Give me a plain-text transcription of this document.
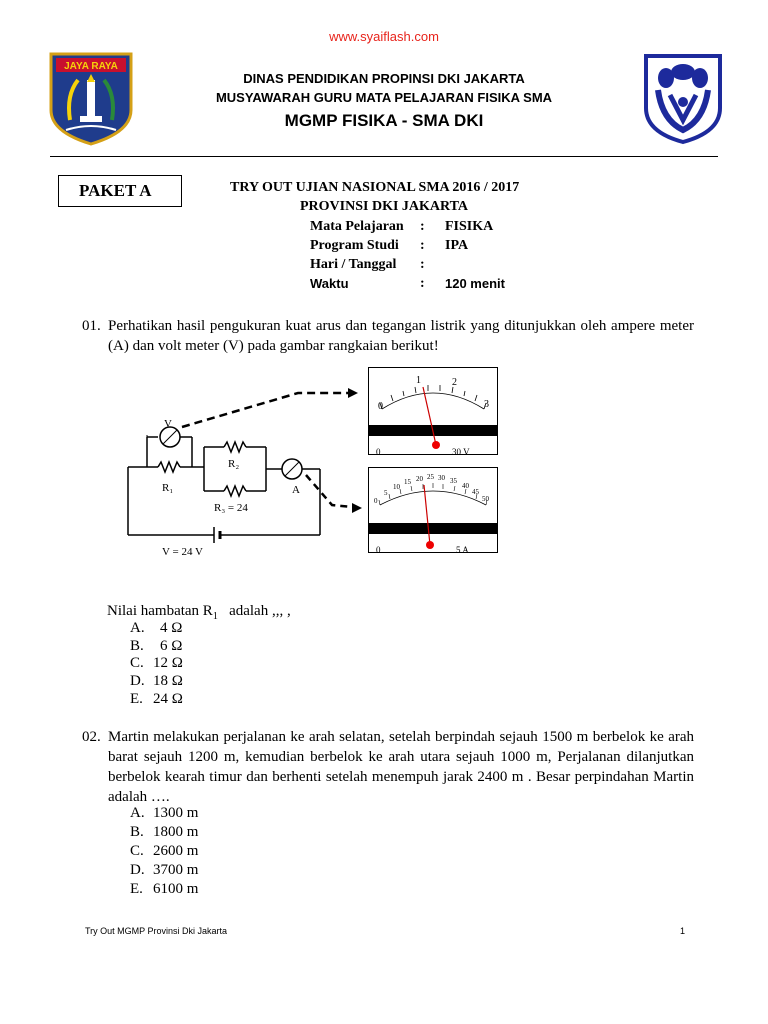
www.syaiflash.com
JAYA RAYA
DINAS PENDIDIKAN PROPINSI DKI JAKARTA
MUSYAWARAH GURU MATA PELAJARAN FISIKA SMA
MGMP FISIKA - SMA DKI
PAKET A	TRY OUT UJIAN NASIONAL SMA 2016 / 2017
PROVINSI DKI JAKARTA
Mata Pelajaran : FISIKA
Program Studi : IPA
Hari / Tanggal :
Waktu	: 120 menit
01. Perhatikan hasil pengukuran kuat arus dan tegangan listrik yang ditunjukkan oleh ampere meter (A) dan volt meter (V) pada gambar rangkaian berikut!
V
R₁
R₂
R₃ = 24
A
V = 24 V
0
1	2
3
0	30 V
0
5
10
15 20 25 30 35
40
45
50
0	5 A
Nilai hambatan $R_1$   adalah ,,, ,
A. 4 Ω
B. 6 Ω
C. 12 Ω
D. 18 Ω
E. 24 Ω
02. Martin melakukan perjalanan ke arah selatan, setelah berpindah sejauh 1500 m berbelok ke arah barat sejauh 1200 m, kemudian berbelok ke arah utara sejauh 1000 m, Perjalanan dilanjutkan berbelok kearah timur dan berhenti setelah menempuh jarak 2400 m . Besar perpindahan Martin adalah ….
A. 1300 m
B. 1800 m
C. 2600 m
D. 3700 m
E. 6100 m
Try Out MGMP Provinsi Dki Jakarta	1
